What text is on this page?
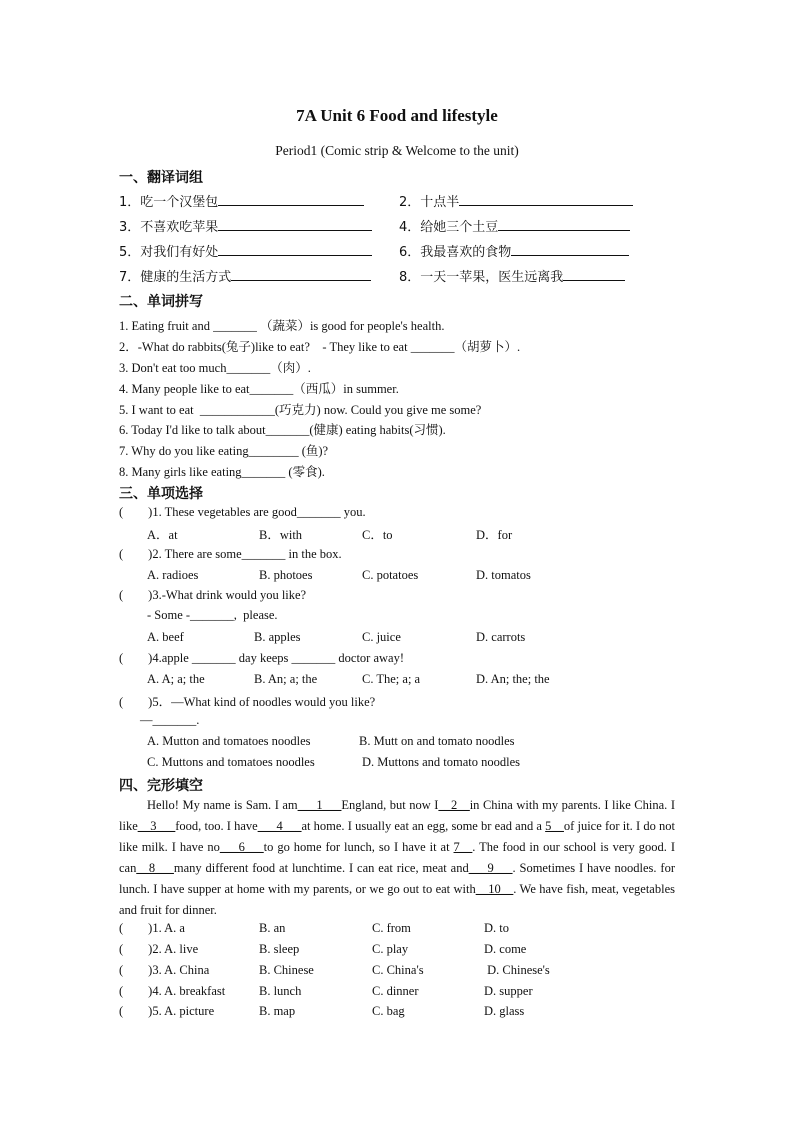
7A Unit 6 Food and lifestyle
Period1 (Comic strip & Welcome to the unit)
一、翻译词组
1．吃一个汉堡包	2．十点半
3．不喜欢吃苹果	4．给她三个土豆
5．对我们有好处	6．我最喜欢的食物
7．健康的生活方式	8．一天一苹果，医生远离我
二、单词拼写
1. Eating fruit and _______ （蔬菜）is good for people's health.
2．-What do rabbits(兔子)like to eat?    - They like to eat _______（胡萝卜）.
3. Don't eat too much_______（肉）.
4. Many people like to eat_______（西瓜）in summer.
5. I want to eat  ____________(巧克力) now. Could you give me some?
6. Today I'd like to talk about_______(健康) eating habits(习惯).
7. Why do you like eating________ (鱼)?
8. Many girls like eating_______ (零食).
三、单项选择
(        )1. These vegetables are good_______ you.
A．at	B．with	C．to	D．for
(        )2. There are some_______ in the box.
A. radioes	B. photoes	C. potatoes	D. tomatos
(        )3.-What drink would you like?
- Some -_______,  please.
A. beef	B. apples	C. juice	D. carrots
(        )4.apple _______ day keeps _______ doctor away!
A. A; a; the	B. An; a; the	C. The; a; a	D. An; the; the
(        )5．—What kind of noodles would you like?
—_______.
A. Mutton and tomatoes noodles	B. Mutt on and tomato noodles
C. Muttons and tomatoes noodles	D. Muttons and tomato noodles
四、完形填空
Hello! My name is Sam. I am___1___England, but now I__2__in China with my parents. I like China. I like__3___food, too. I have___4___at home. I usually eat an egg, some br ead and a 5__of juice for it. I do not like milk. I have no___6___to go home for lunch, so I have it at 7__. The food in our school is very good. I can__8___many different food at lunchtime. I can eat rice, meat and___9___. Sometimes I have noodles. for lunch. I have supper at home with my parents, or we go out to eat with__10__. We have fish, meat, vegetables and fruit for dinner.
(        )1. A. a	B. an	C. from	D. to
(        )2. A. live	B. sleep	C. play	D. come
(        )3. A. China	B. Chinese	C. China's	D. Chinese's
(        )4. A. breakfast	B. lunch	C. dinner	D. supper
(        )5. A. picture	B. map	C. bag	D. glass
